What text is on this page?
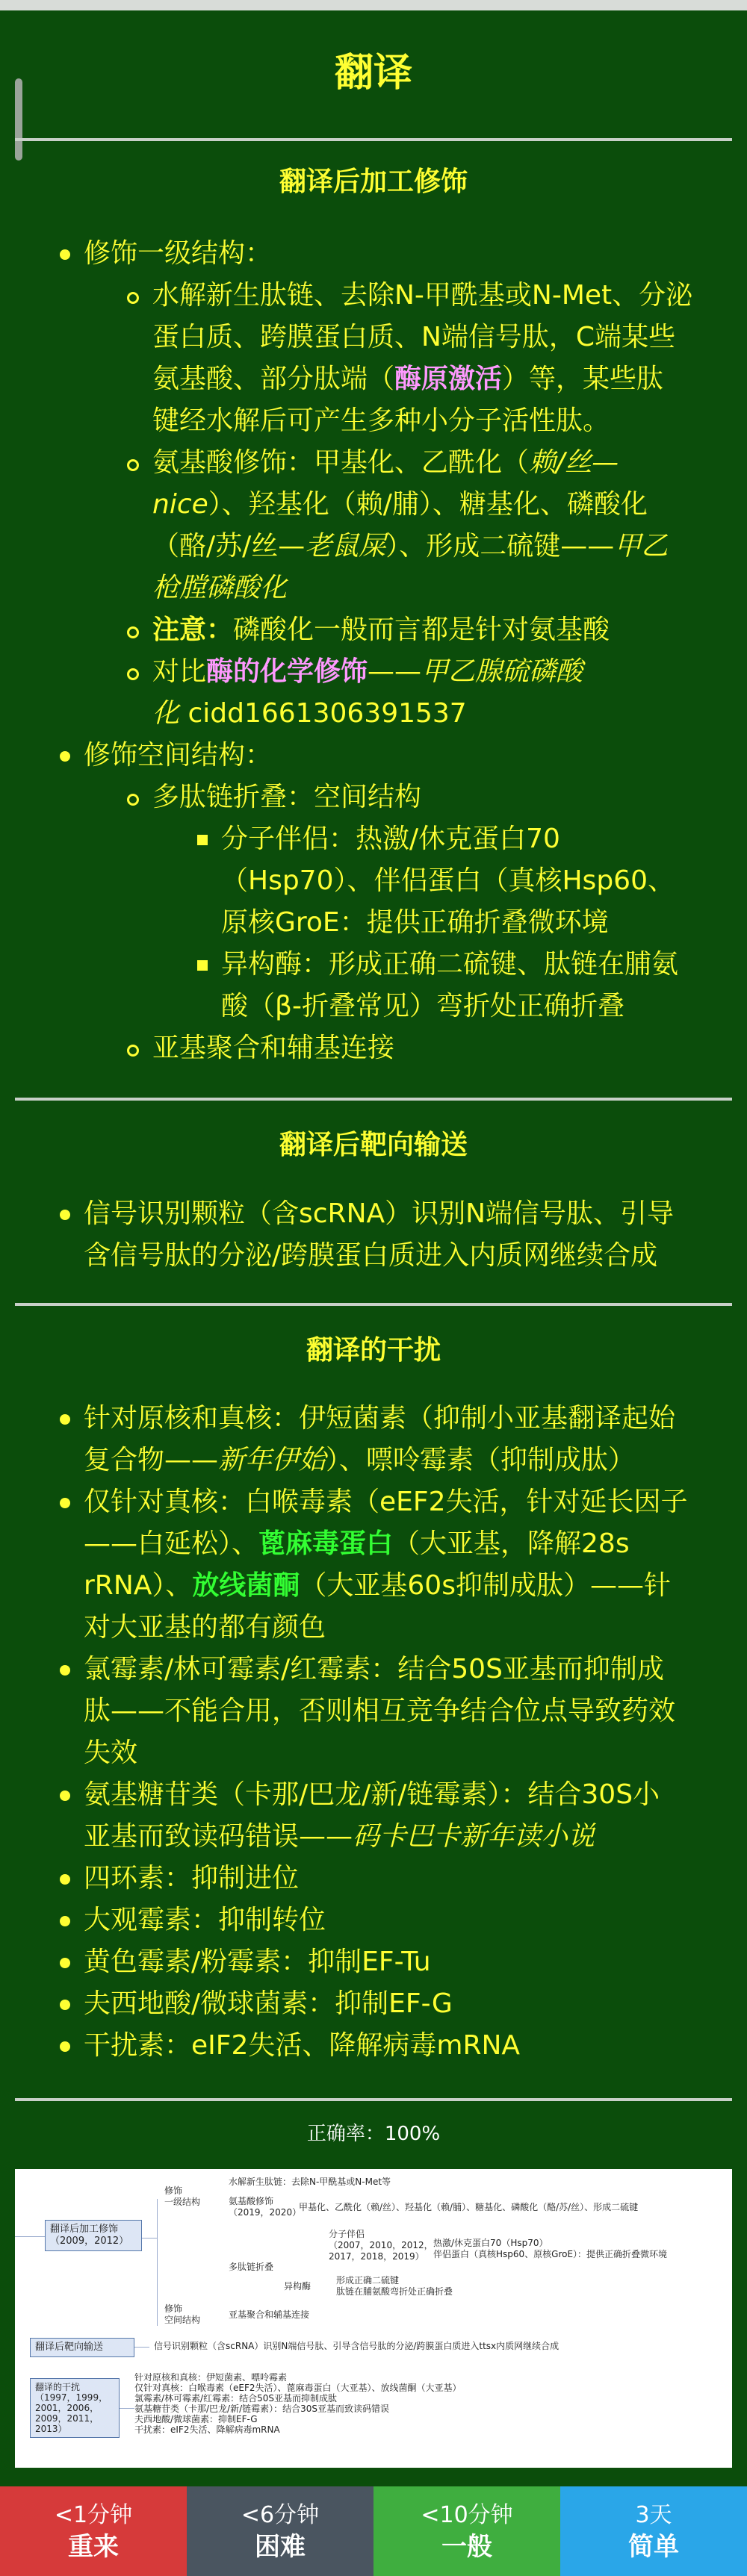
翻译
翻译后加工修饰
修饰一级结构：
水解新生肽链、去除N-甲酰基或N-Met、分泌
蛋白质、跨膜蛋白质、N端信号肽，C端某些
氨基酸、部分肽端（酶原激活）等，某些肽
键经水解后可产生多种小分子活性肽。
氨基酸修饰：甲基化、乙酰化（赖/丝—
nice）、羟基化（赖/脯）、糖基化、磷酸化
（酪/苏/丝—老鼠屎）、形成二硫键——甲乙
枪膛磷酸化
注意：磷酸化一般而言都是针对氨基酸
对比酶的化学修饰——甲乙腺硫磷酸
化 cidd1661306391537
修饰空间结构：
多肽链折叠：空间结构
分子伴侣：热激/休克蛋白70
（Hsp70）、伴侣蛋白（真核Hsp60、
原核GroE：提供正确折叠微环境
异构酶：形成正确二硫键、肽链在脯氨
酸（β-折叠常见）弯折处正确折叠
亚基聚合和辅基连接
翻译后靶向输送
信号识别颗粒（含scRNA）识别N端信号肽、引导
含信号肽的分泌/跨膜蛋白质进入内质网继续合成
翻译的干扰
针对原核和真核：伊短菌素（抑制小亚基翻译起始
复合物——新年伊始）、嘌呤霉素（抑制成肽）
仅针对真核：白喉毒素（eEF2失活，针对延长因子
——白延松）、蓖麻毒蛋白（大亚基，降解28s
rRNA）、放线菌酮（大亚基60s抑制成肽）——针
对大亚基的都有颜色
氯霉素/林可霉素/红霉素：结合50S亚基而抑制成
肽——不能合用，否则相互竞争结合位点导致药效
失效
氨基糖苷类（卡那/巴龙/新/链霉素）：结合30S小
亚基而致读码错误——码卡巴卡新年读小说
四环素：抑制进位
大观霉素：抑制转位
黄色霉素/粉霉素：抑制EF-Tu
夫西地酸/微球菌素：抑制EF-G
干扰素：eIF2失活、降解病毒mRNA
正确率：100%
翻译后加工修饰
（2009，2012）
修饰
一级结构
修饰
空间结构
水解新生肽链：去除N-甲酰基或N-Met等
氨基酸修饰
（2019，2020）
甲基化、乙酰化（赖/丝）、羟基化（赖/脯）、糖基化、磷酸化（酪/苏/丝）、形成二硫键
多肽链折叠
分子伴侣
（2007，2010，2012，
2017，2018，2019）
热激/休克蛋白70（Hsp70）
伴侣蛋白（真核Hsp60、原核GroE）：提供正确折叠微环境
异构酶
形成正确二硫键
肽链在脯氨酸弯折处正确折叠
亚基聚合和辅基连接
翻译后靶向输送	信号识别颗粒（含scRNA）识别N端信号肽、引导含信号肽的分泌/跨膜蛋白质进入ttsx内质网继续合成
翻译的干扰
（1997，1999，
2001，2006，
2009，2011，
2013）
针对原核和真核：伊短菌素、嘌呤霉素
仅针对真核：白喉毒素（eEF2失活）、蓖麻毒蛋白（大亚基）、放线菌酮（大亚基）
氯霉素/林可霉素/红霉素：结合50S亚基而抑制成肽
氨基糖苷类（卡那/巴龙/新/链霉素）：结合30S亚基而致读码错误
夫西地酸/微球菌素：抑制EF-G
干扰素：eIF2失活、降解病毒mRNA
<1分钟
重来
<6分钟
困难
<10分钟
一般
3天
简单
